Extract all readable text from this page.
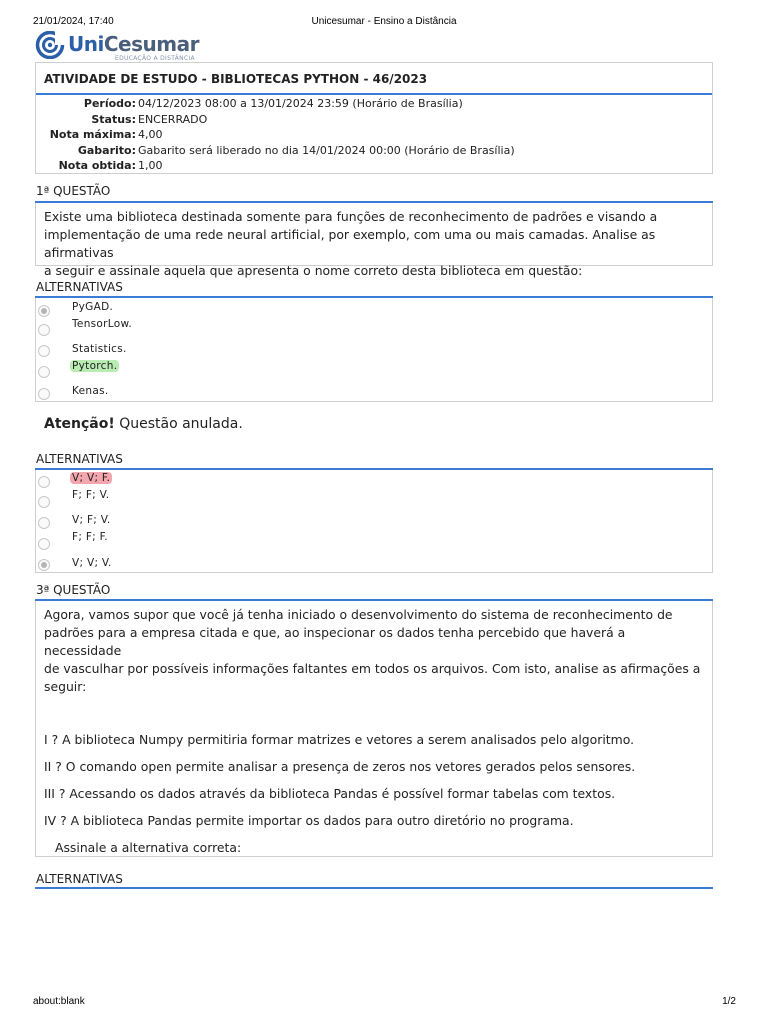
21/01/2024, 17:40	Unicesumar - Ensino a Distância
UniCesumar
EDUCAÇÃO A DISTÂNCIA
ATIVIDADE DE ESTUDO - BIBLIOTECAS PYTHON - 46/2023
Período: 04/12/2023 08:00 a 13/01/2024 23:59 (Horário de Brasília)
Status: ENCERRADO
Nota máxima: 4,00
Gabarito: Gabarito será liberado no dia 14/01/2024 00:00 (Horário de Brasília)
Nota obtida: 1,00
1ª QUESTÃO
Existe uma biblioteca destinada somente para funções de reconhecimento de padrões e visando a
implementação de uma rede neural artificial, por exemplo, com uma ou mais camadas. Analise as afirmativas
a seguir e assinale aquela que apresenta o nome correto desta biblioteca em questão:
ALTERNATIVAS
PyGAD.
TensorLow.
Statistics.
Pytorch.
Kenas.
Atenção! Questão anulada.
ALTERNATIVAS
V; V; F.
F; F; V.
V; F; V.
F; F; F.
V; V; V.
3ª QUESTÃO
Agora, vamos supor que você já tenha iniciado o desenvolvimento do sistema de reconhecimento de
padrões para a empresa citada e que, ao inspecionar os dados tenha percebido que haverá a necessidade
de vasculhar por possíveis informações faltantes em todos os arquivos. Com isto, analise as afirmações a
seguir:
I ? A biblioteca Numpy permitiria formar matrizes e vetores a serem analisados pelo algoritmo.
II ? O comando open permite analisar a presença de zeros nos vetores gerados pelos sensores.
III ? Acessando os dados através da biblioteca Pandas é possível formar tabelas com textos.
IV ? A biblioteca Pandas permite importar os dados para outro diretório no programa.
Assinale a alternativa correta:
ALTERNATIVAS
about:blank	1/2
